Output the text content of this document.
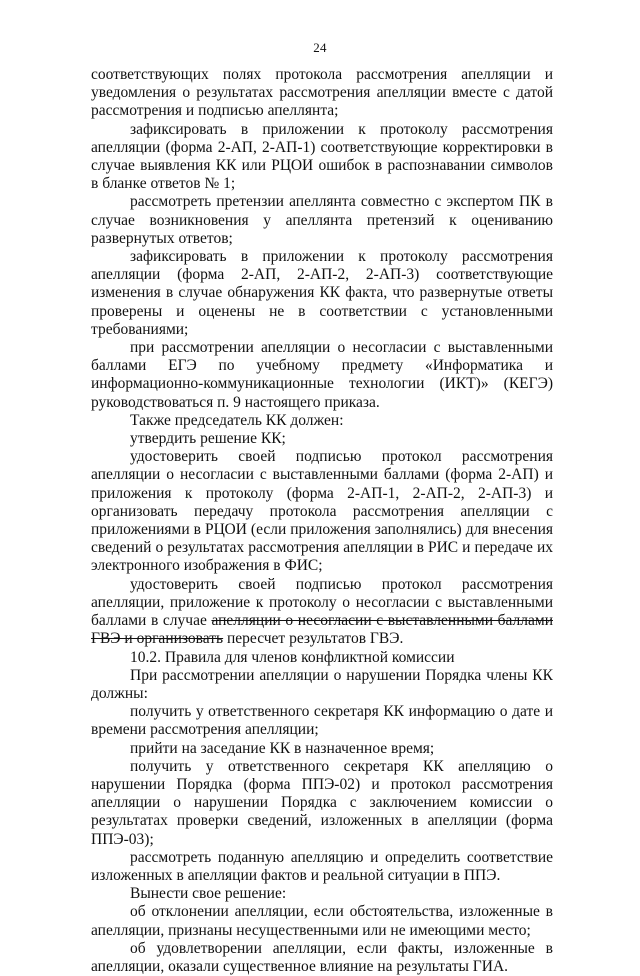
24

соответствующих полях протокола рассмотрения апелляции и уведомления о результатах рассмотрения апелляции вместе с датой рассмотрения и подписью апеллянта;

зафиксировать в приложении к протоколу рассмотрения апелляции (форма 2-АП, 2-АП-1) соответствующие корректировки в случае выявления КК или РЦОИ ошибок в распознавании символов в бланке ответов № 1;

рассмотреть претензии апеллянта совместно с экспертом ПК в случае возникновения у апеллянта претензий к оцениванию развернутых ответов;

зафиксировать в приложении к протоколу рассмотрения апелляции (форма 2-АП, 2-АП-2, 2-АП-3) соответствующие изменения в случае обнаружения КК факта, что развернутые ответы проверены и оценены не в соответствии с установленными требованиями;

при рассмотрении апелляции о несогласии с выставленными баллами ЕГЭ по учебному предмету «Информатика и информационно-коммуникационные технологии (ИКТ)» (КЕГЭ) руководствоваться п. 9 настоящего приказа.

Также председатель КК должен:

утвердить решение КК;

удостоверить своей подписью протокол рассмотрения апелляции о несогласии с выставленными баллами (форма 2-АП) и приложения к протоколу (форма 2-АП-1, 2-АП-2, 2-АП-3) и организовать передачу протокола рассмотрения апелляции с приложениями в РЦОИ (если приложения заполнялись) для внесения сведений о результатах рассмотрения апелляции в РИС и передаче их электронного изображения в ФИС;

удостоверить своей подписью протокол рассмотрения апелляции, приложение к протоколу о несогласии с выставленными баллами в случае апелляции о несогласии с выставленными баллами ГВЭ и организовать пересчет результатов ГВЭ.

10.2. Правила для членов конфликтной комиссии

При рассмотрении апелляции о нарушении Порядка члены КК должны:

получить у ответственного секретаря КК информацию о дате и времени рассмотрения апелляции;

прийти на заседание КК в назначенное время;

получить у ответственного секретаря КК апелляцию о нарушении Порядка (форма ППЭ-02) и протокол рассмотрения апелляции о нарушении Порядка с заключением комиссии о результатах проверки сведений, изложенных в апелляции (форма ППЭ-03);

рассмотреть поданную апелляцию и определить соответствие изложенных в апелляции фактов и реальной ситуации в ППЭ.

Вынести свое решение:

об отклонении апелляции, если обстоятельства, изложенные в апелляции, признаны несущественными или не имеющими место;

об удовлетворении апелляции, если факты, изложенные в апелляции, оказали существенное влияние на результаты ГИА.
